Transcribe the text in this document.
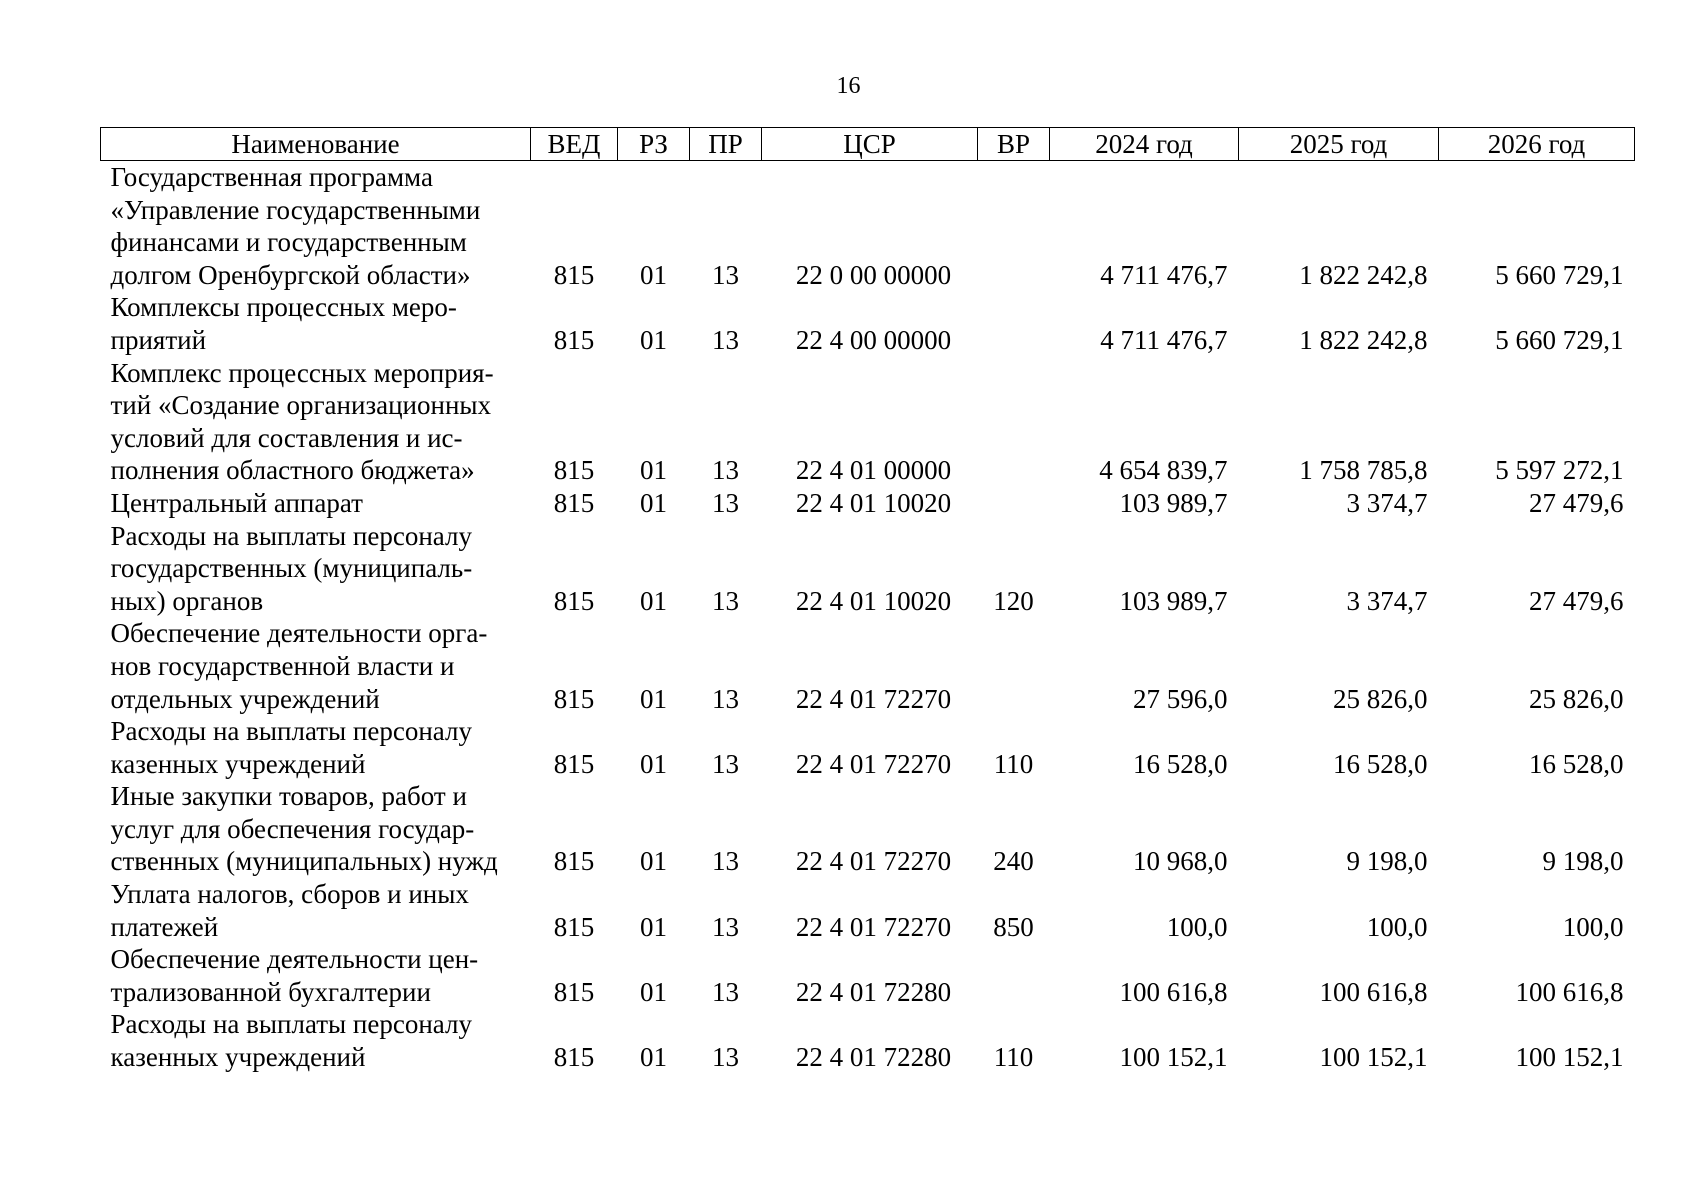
16
Наименование	ВЕД	РЗ	ПР	ЦСР	ВР	2024 год	2025 год	2026 год

Государственная программа
«Управление государственными
финансами и государственным
долгом Оренбургской области»	815	01	13	22 0 00 00000		4 711 476,7	1 822 242,8	5 660 729,1

Комплексы процессных меро-
приятий	815	01	13	22 4 00 00000		4 711 476,7	1 822 242,8	5 660 729,1

Комплекс процессных мероприя-
тий «Создание организационных
условий для составления и ис-
полнения областного бюджета»	815	01	13	22 4 01 00000		4 654 839,7	1 758 785,8	5 597 272,1

Центральный аппарат	815	01	13	22 4 01 10020		103 989,7	3 374,7	27 479,6

Расходы на выплаты персоналу
государственных (муниципаль-
ных) органов	815	01	13	22 4 01 10020	120	103 989,7	3 374,7	27 479,6

Обеспечение деятельности орга-
нов государственной власти и
отдельных учреждений	815	01	13	22 4 01 72270		27 596,0	25 826,0	25 826,0

Расходы на выплаты персоналу
казенных учреждений	815	01	13	22 4 01 72270	110	16 528,0	16 528,0	16 528,0

Иные закупки товаров, работ и
услуг для обеспечения государ-
ственных (муниципальных) нужд	815	01	13	22 4 01 72270	240	10 968,0	9 198,0	9 198,0

Уплата налогов, сборов и иных
платежей	815	01	13	22 4 01 72270	850	100,0	100,0	100,0

Обеспечение деятельности цен-
трализованной бухгалтерии	815	01	13	22 4 01 72280		100 616,8	100 616,8	100 616,8

Расходы на выплаты персоналу
казенных учреждений	815	01	13	22 4 01 72280	110	100 152,1	100 152,1	100 152,1
